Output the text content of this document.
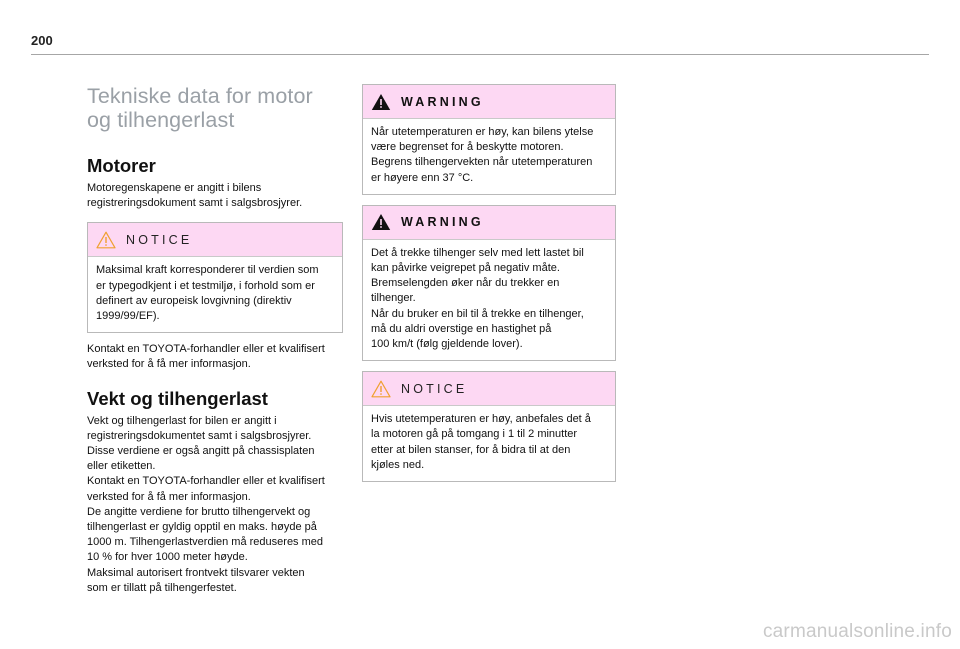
200
Tekniske data for motor
og tilhengerlast
Motorer
Motoregenskapene er angitt i bilens
registreringsdokument samt i salgsbrosjyrer.
NOTICE
Maksimal kraft korresponderer til verdien som
er typegodkjent i et testmiljø, i forhold som er
definert av europeisk lovgivning (direktiv
1999/99/EF).
Kontakt en TOYOTA-forhandler eller et kvalifisert
verksted for å få mer informasjon.
Vekt og tilhengerlast
Vekt og tilhengerlast for bilen er angitt i
registreringsdokumentet samt i salgsbrosjyrer.
Disse verdiene er også angitt på chassisplaten
eller etiketten.
Kontakt en TOYOTA-forhandler eller et kvalifisert
verksted for å få mer informasjon.
De angitte verdiene for brutto tilhengervekt og
tilhengerlast er gyldig opptil en maks. høyde på
1000 m. Tilhengerlastverdien må reduseres med
10 % for hver 1000 meter høyde.
Maksimal autorisert frontvekt tilsvarer vekten
som er tillatt på tilhengerfestet.
WARNING
Når utetemperaturen er høy, kan bilens ytelse
være begrenset for å beskytte motoren.
Begrens tilhengervekten når utetemperaturen
er høyere enn 37 °C.
WARNING
Det å trekke tilhenger selv med lett lastet bil
kan påvirke veigrepet på negativ måte.
Bremselengden øker når du trekker en
tilhenger.
Når du bruker en bil til å trekke en tilhenger,
må du aldri overstige en hastighet på
100 km/t (følg gjeldende lover).
NOTICE
Hvis utetemperaturen er høy, anbefales det å
la motoren gå på tomgang i 1 til 2 minutter
etter at bilen stanser, for å bidra til at den
kjøles ned.
carmanualsonline.info
